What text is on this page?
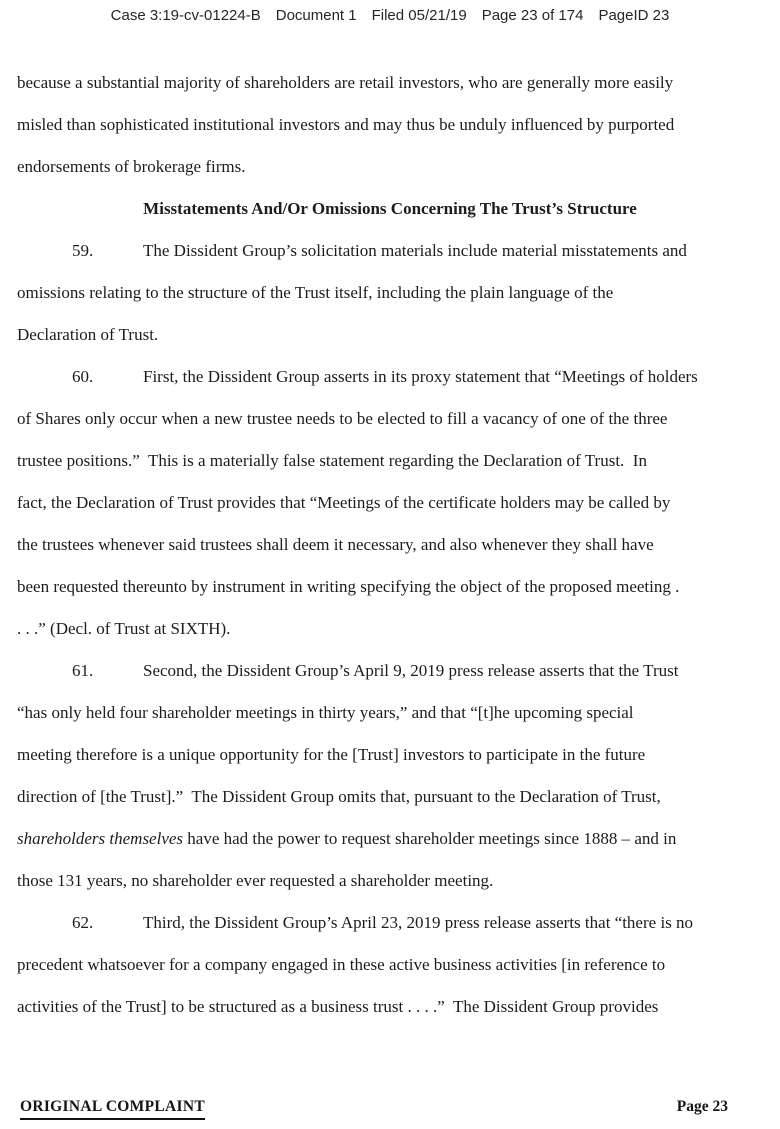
Case 3:19-cv-01224-B Document 1 Filed 05/21/19 Page 23 of 174 PageID 23
because a substantial majority of shareholders are retail investors, who are generally more easily
misled than sophisticated institutional investors and may thus be unduly influenced by purported
endorsements of brokerage firms.
Misstatements And/Or Omissions Concerning The Trust’s Structure
59.	The Dissident Group’s solicitation materials include material misstatements and
omissions relating to the structure of the Trust itself, including the plain language of the
Declaration of Trust.
60.	First, the Dissident Group asserts in its proxy statement that “Meetings of holders
of Shares only occur when a new trustee needs to be elected to fill a vacancy of one of the three
trustee positions.”  This is a materially false statement regarding the Declaration of Trust.  In
fact, the Declaration of Trust provides that “Meetings of the certificate holders may be called by
the trustees whenever said trustees shall deem it necessary, and also whenever they shall have
been requested thereunto by instrument in writing specifying the object of the proposed meeting .
. . .” (Decl. of Trust at SIXTH).
61.	Second, the Dissident Group’s April 9, 2019 press release asserts that the Trust
“has only held four shareholder meetings in thirty years,” and that “[t]he upcoming special
meeting therefore is a unique opportunity for the [Trust] investors to participate in the future
direction of [the Trust].”  The Dissident Group omits that, pursuant to the Declaration of Trust,
shareholders themselves have had the power to request shareholder meetings since 1888 – and in
those 131 years, no shareholder ever requested a shareholder meeting.
62.	Third, the Dissident Group’s April 23, 2019 press release asserts that “there is no
precedent whatsoever for a company engaged in these active business activities [in reference to
activities of the Trust] to be structured as a business trust . . . .”  The Dissident Group provides
ORIGINAL COMPLAINT	Page 23
